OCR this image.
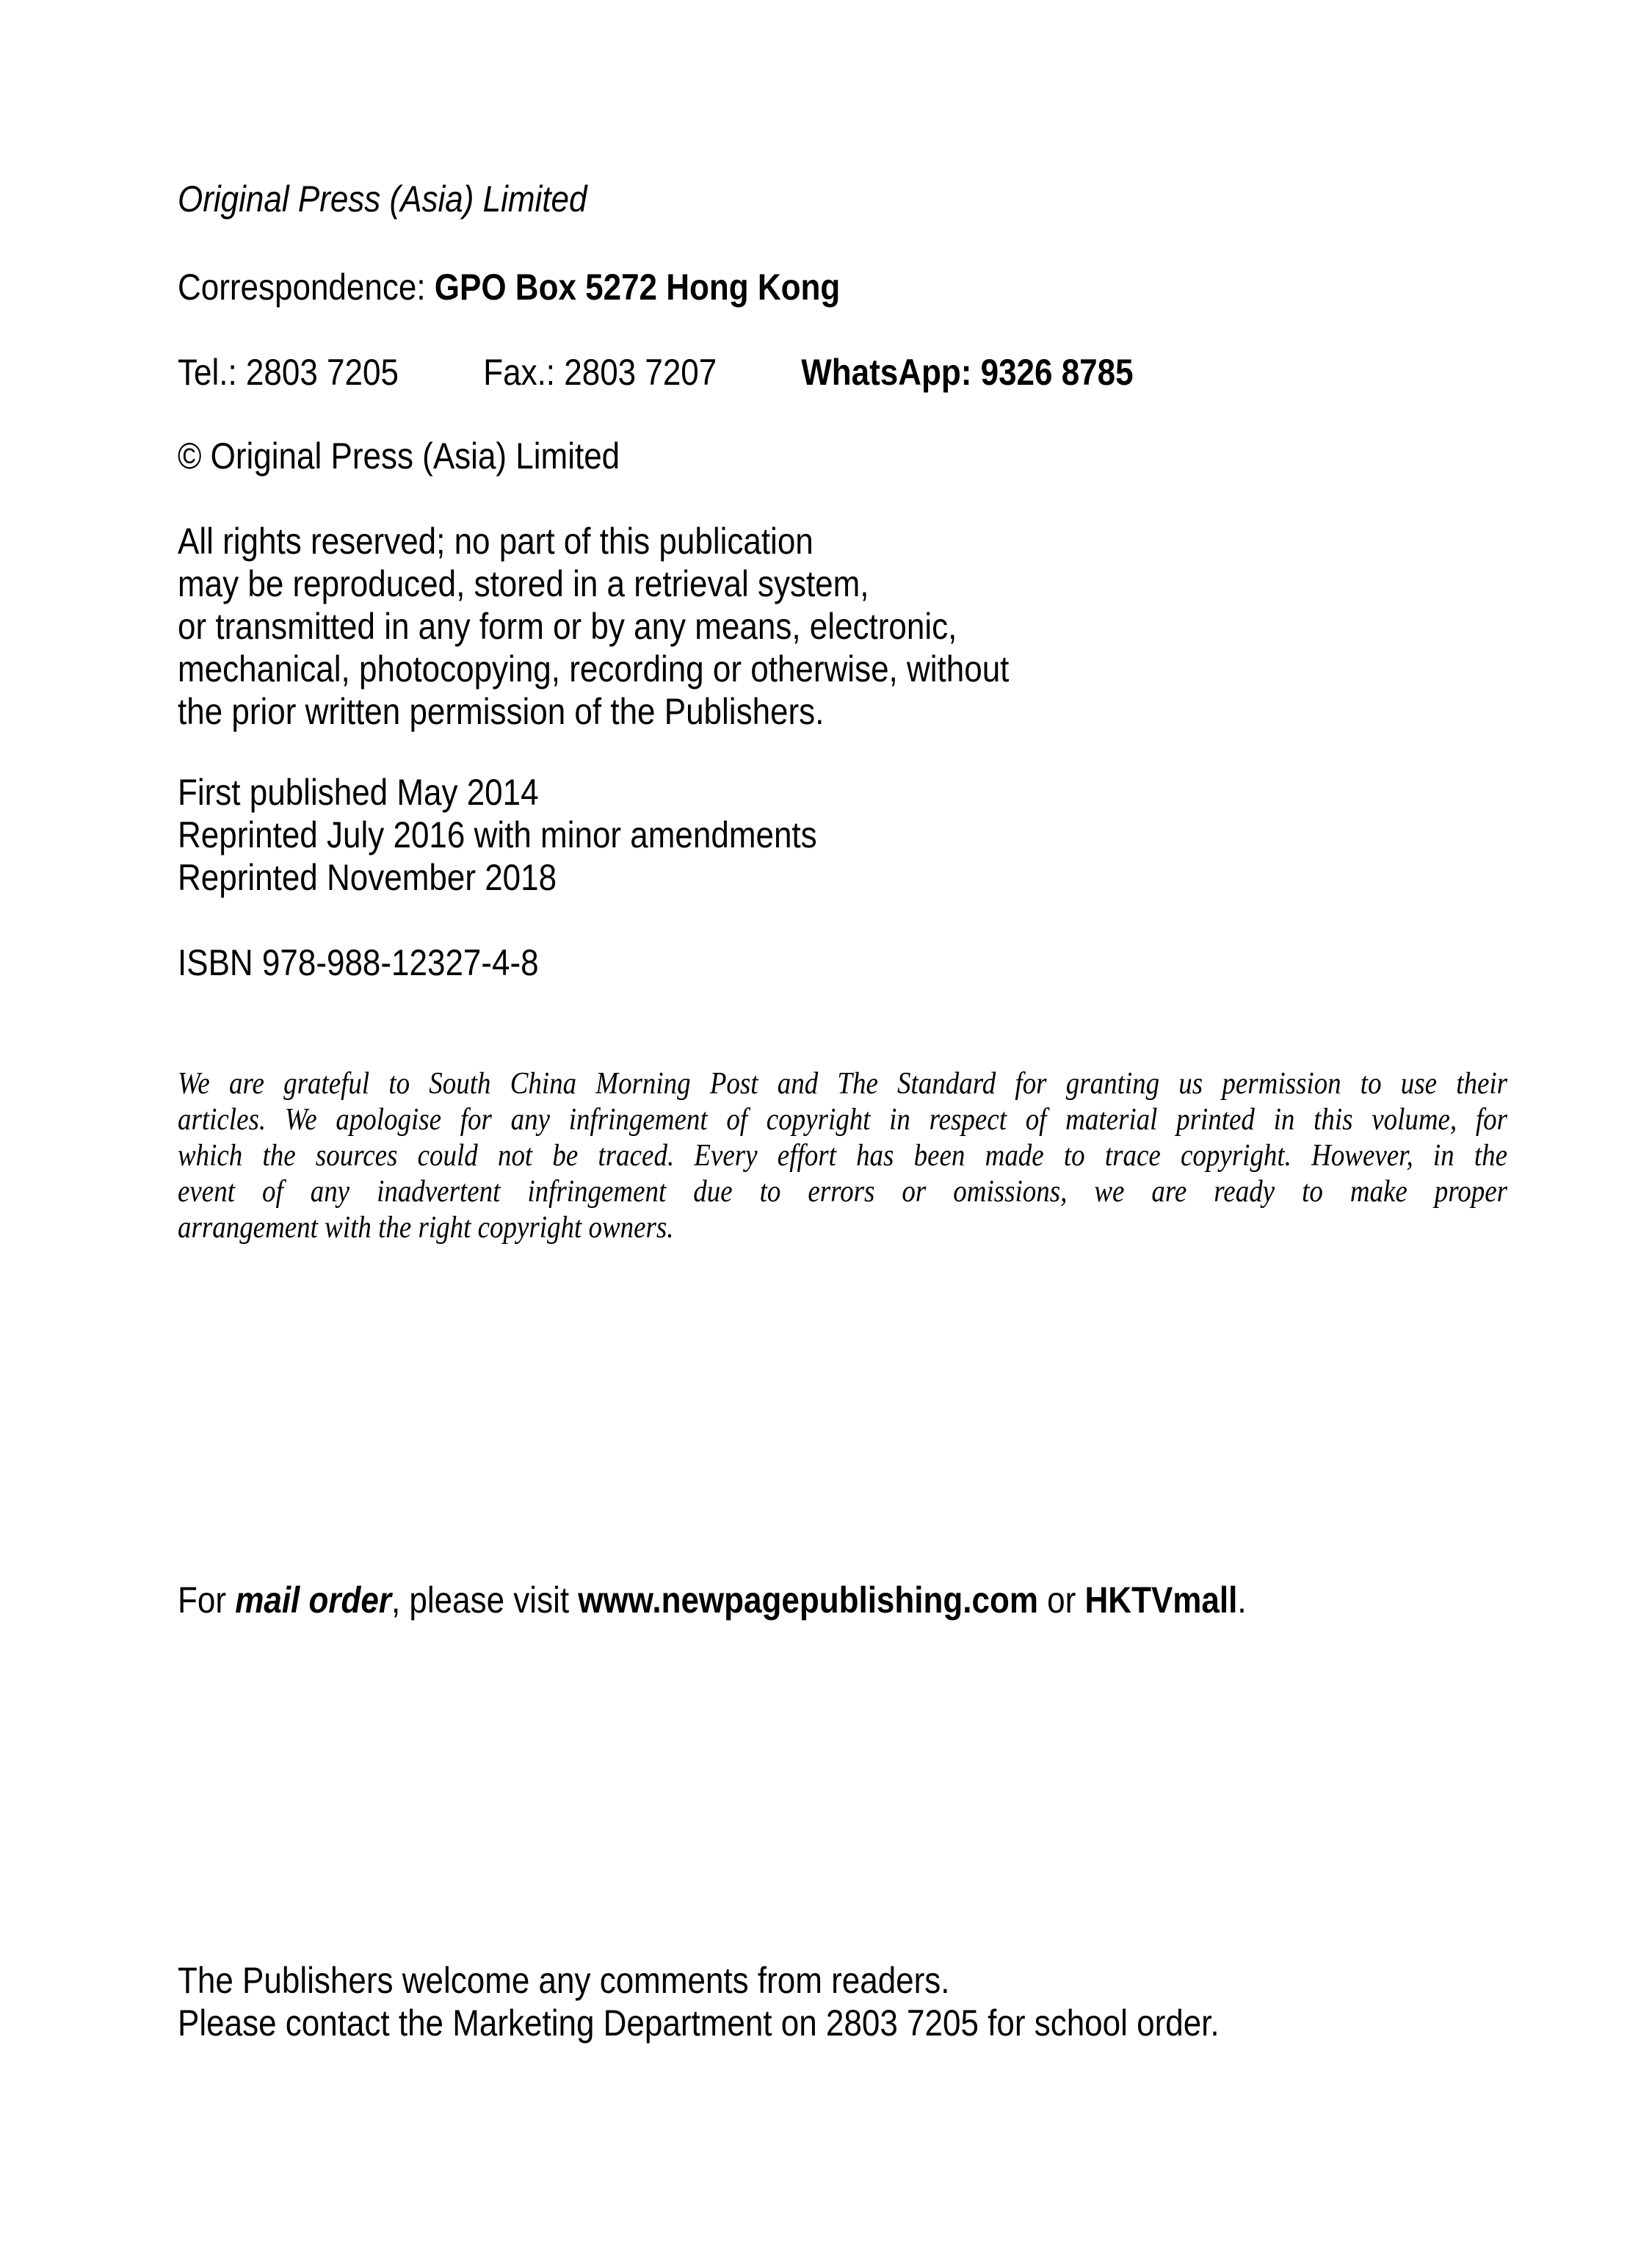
Original Press (Asia) Limited
Correspondence: GPO Box 5272 Hong Kong
Tel.: 2803 7205 Fax.: 2803 7207 WhatsApp: 9326 8785
© Original Press (Asia) Limited
All rights reserved; no part of this publication
may be reproduced, stored in a retrieval system,
or transmitted in any form or by any means, electronic,
mechanical, photocopying, recording or otherwise, without
the prior written permission of the Publishers.
First published May 2014
Reprinted July 2016 with minor amendments
Reprinted November 2018
ISBN 978-988-12327-4-8
We are grateful to South China Morning Post and The Standard for granting us permission to use their
articles. We apologise for any infringement of copyright in respect of material printed in this volume, for
which the sources could not be traced. Every effort has been made to trace copyright. However, in the
event of any inadvertent infringement due to errors or omissions, we are ready to make proper
arrangement with the right copyright owners.
For mail order, please visit www.newpagepublishing.com or HKTVmall.
The Publishers welcome any comments from readers.
Please contact the Marketing Department on 2803 7205 for school order.
